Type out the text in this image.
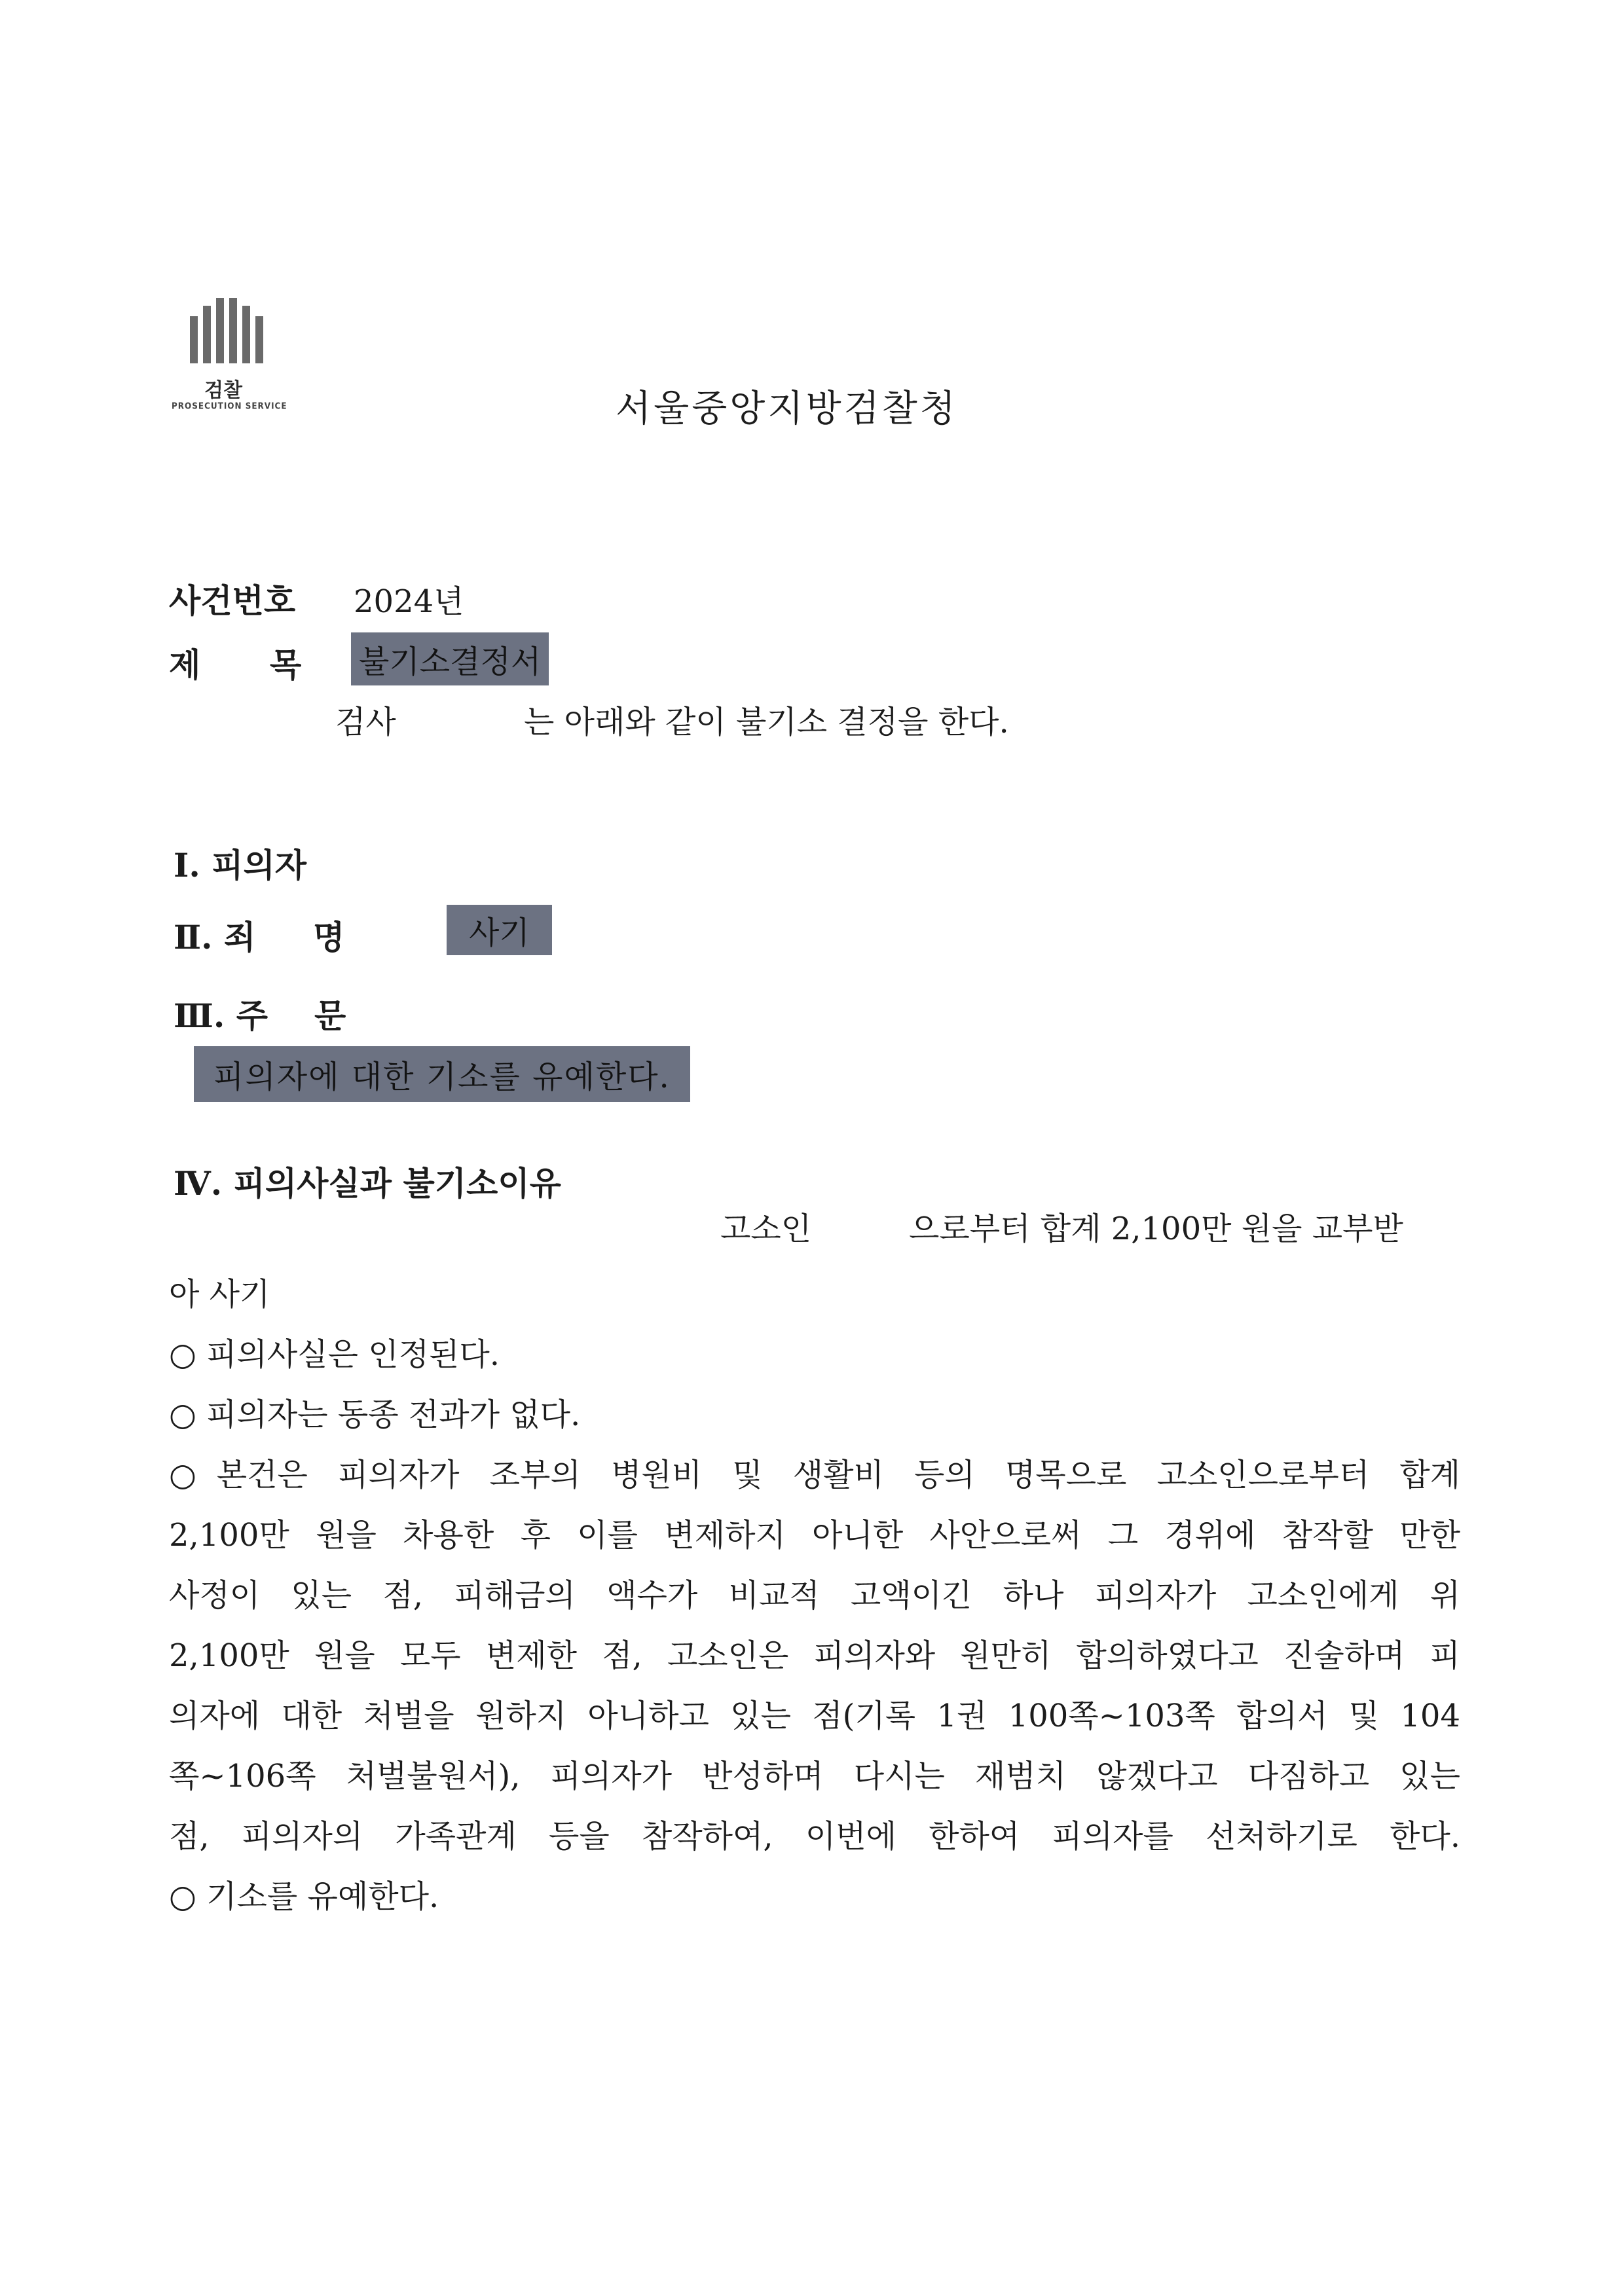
검찰
PROSECUTION SERVICE	서울중앙지방검찰청
사건번호 2024년
제 목 불기소결정서
검사	는 아래와 같이 불기소 결정을 한다.
Ⅰ. 피의자
Ⅱ. 죄 명	사기
Ⅲ. 주 문
피의자에 대한 기소를 유예한다.
Ⅳ. 피의사실과 불기소이유
고소인	으로부터 합계 2,100만 원을 교부받
아 사기
○ 피의사실은 인정된다.
○ 피의자는 동종 전과가 없다.
○본건은 피의자가 조부의 병원비 및 생활비 등의 명목으로 고소인으로부터 합계
2,100만 원을 차용한 후 이를 변제하지 아니한 사안으로써 그 경위에 참작할 만한
사정이 있는 점, 피해금의 액수가 비교적 고액이긴 하나 피의자가 고소인에게 위
2,100만 원을 모두 변제한 점, 고소인은 피의자와 원만히 합의하였다고 진술하며 피
의자에 대한 처벌을 원하지 아니하고 있는 점(기록 1권 100쪽~103쪽 합의서 및 104
쪽~106쪽 처벌불원서), 피의자가 반성하며 다시는 재범치 않겠다고 다짐하고 있는
점, 피의자의 가족관계 등을 참작하여, 이번에 한하여 피의자를 선처하기로 한다.
○ 기소를 유예한다.
